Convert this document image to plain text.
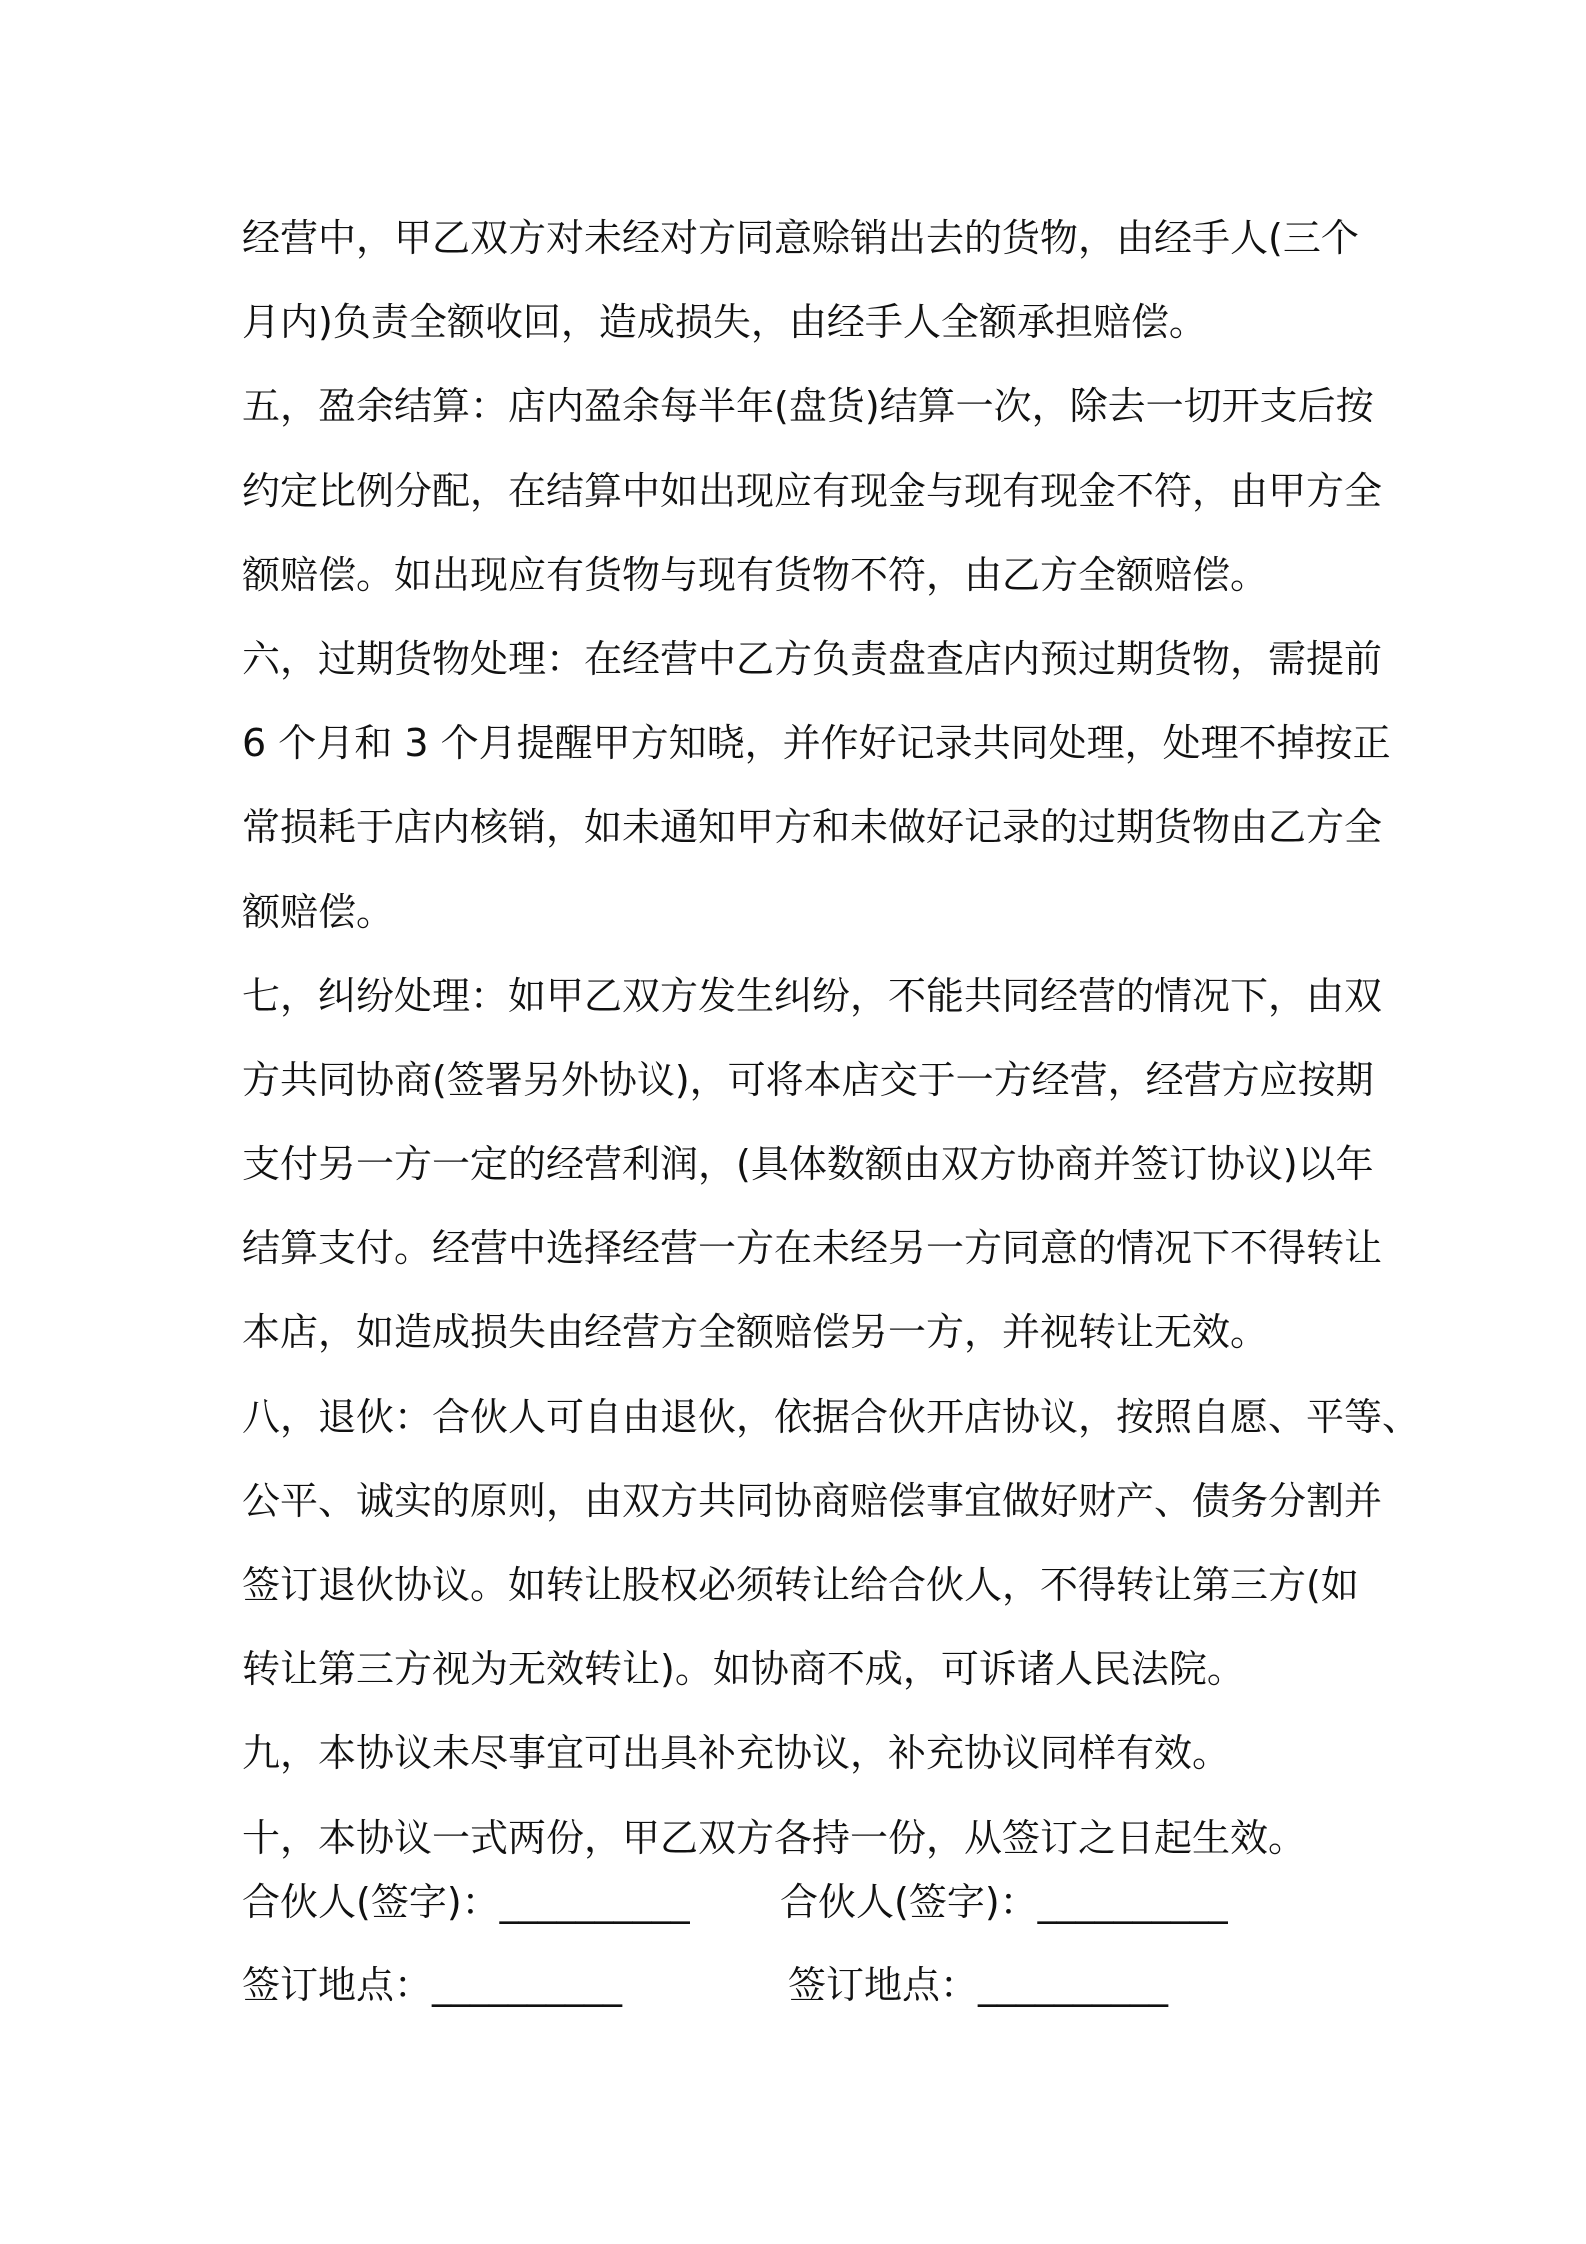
经营中，甲乙双方对未经对方同意赊销出去的货物，由经手人(三个
月内)负责全额收回，造成损失，由经手人全额承担赔偿。
五，盈余结算：店内盈余每半年(盘货)结算一次，除去一切开支后按
约定比例分配，在结算中如出现应有现金与现有现金不符，由甲方全
额赔偿。如出现应有货物与现有货物不符，由乙方全额赔偿。
六，过期货物处理：在经营中乙方负责盘查店内预过期货物，需提前
6 个月和 3 个月提醒甲方知晓，并作好记录共同处理，处理不掉按正
常损耗于店内核销，如未通知甲方和未做好记录的过期货物由乙方全
额赔偿。
七，纠纷处理：如甲乙双方发生纠纷，不能共同经营的情况下，由双
方共同协商(签署另外协议)，可将本店交于一方经营，经营方应按期
支付另一方一定的经营利润，(具体数额由双方协商并签订协议)以年
结算支付。经营中选择经营一方在未经另一方同意的情况下不得转让
本店，如造成损失由经营方全额赔偿另一方，并视转让无效。
八，退伙：合伙人可自由退伙，依据合伙开店协议，按照自愿、平等、
公平、诚实的原则，由双方共同协商赔偿事宜做好财产、债务分割并
签订退伙协议。如转让股权必须转让给合伙人，不得转让第三方(如
转让第三方视为无效转让)。如协商不成，可诉诸人民法院。
九，本协议未尽事宜可出具补充协议，补充协议同样有效。
十，本协议一式两份，甲乙双方各持一份，从签订之日起生效。
合伙人(签字)：__________ 合伙人(签字)：__________
签订地点：__________	签订地点：__________
